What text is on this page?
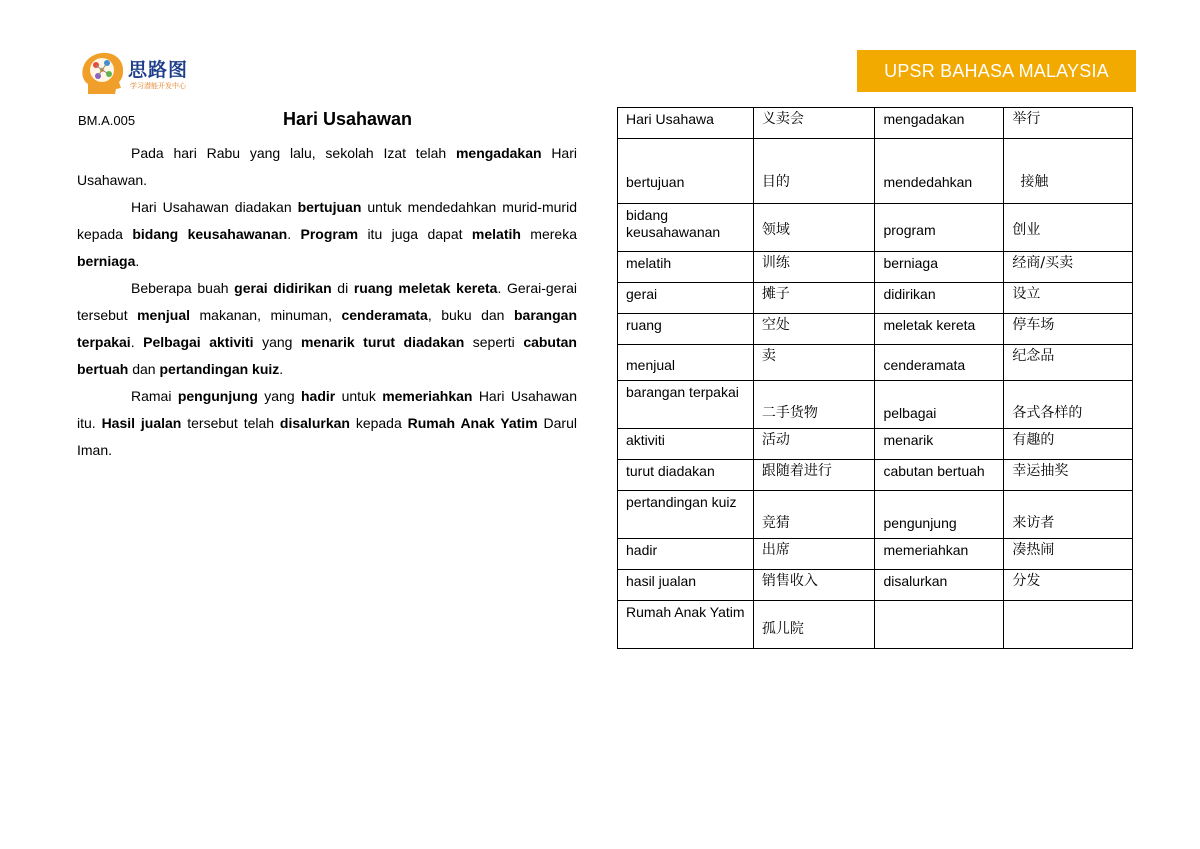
思路图
学习潜能开发中心
UPSR BAHASA MALAYSIA
BM.A.005	Hari Usahawan

Pada hari Rabu yang lalu, sekolah Izat telah mengadakan Hari Usahawan.

Hari Usahawan diadakan bertujuan untuk mendedahkan murid-murid kepada bidang keusahawanan. Program itu juga dapat melatih mereka berniaga.

Beberapa buah gerai didirikan di ruang meletak kereta. Gerai-gerai tersebut menjual makanan, minuman, cenderamata, buku dan barangan terpakai. Pelbagai aktiviti yang menarik turut diadakan seperti cabutan bertuah dan pertandingan kuiz.

Ramai pengunjung yang hadir untuk memeriahkan Hari Usahawan itu. Hasil jualan tersebut telah disalurkan kepada Rumah Anak Yatim Darul Iman.

Hari Usahawa	义卖会	mengadakan	举行
bertujuan	目的	mendedahkan	接触
bidang keusahawanan	领域	program	创业
melatih	训练	berniaga	经商/买卖
gerai	摊子	didirikan	设立
ruang	空处	meletak kereta	停车场
menjual	卖	cenderamata	纪念品
barangan terpakai	二手货物	pelbagai	各式各样的
aktiviti	活动	menarik	有趣的
turut diadakan	跟随着进行	cabutan bertuah	幸运抽奖
pertandingan kuiz	竞猜	pengunjung	来访者
hadir	出席	memeriahkan	凑热闹
hasil jualan	销售收入	disalurkan	分发
Rumah Anak Yatim	孤儿院		
